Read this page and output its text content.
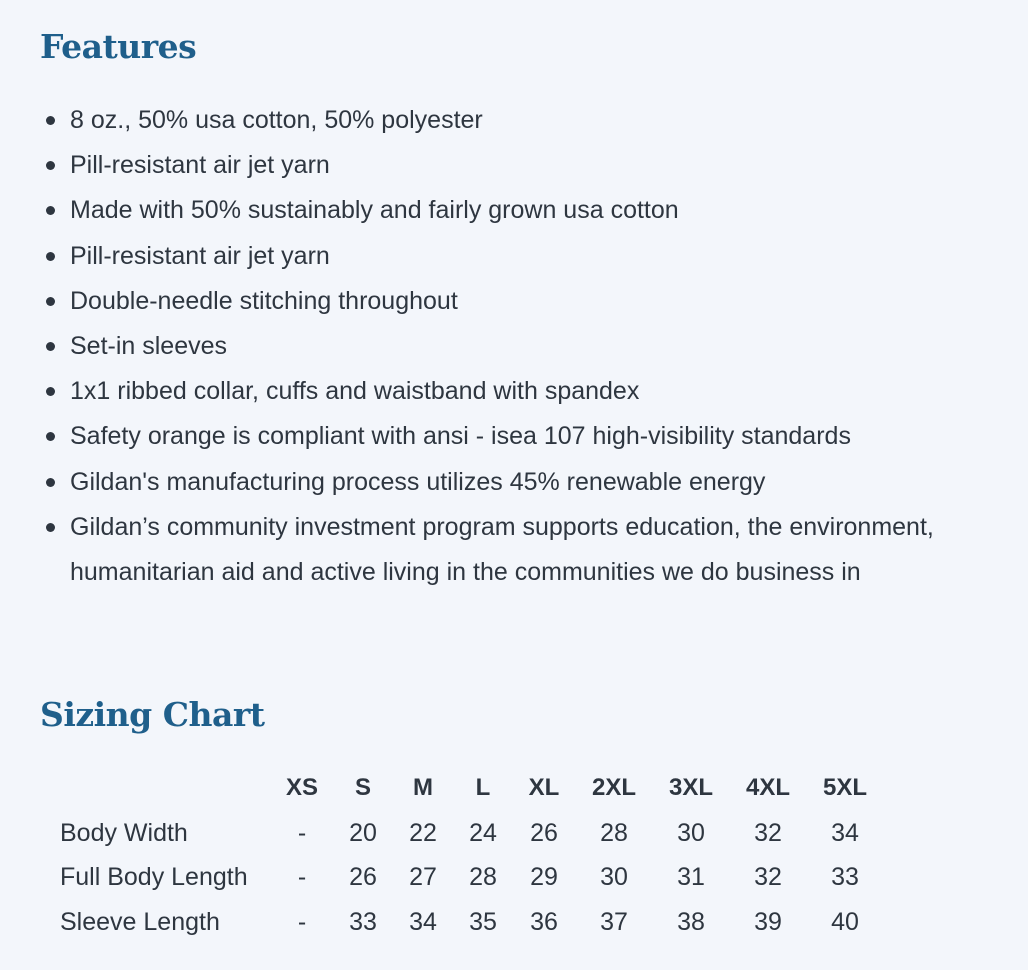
Features
8 oz., 50% usa cotton, 50% polyester
Pill-resistant air jet yarn
Made with 50% sustainably and fairly grown usa cotton
Pill-resistant air jet yarn
Double-needle stitching throughout
Set-in sleeves
1x1 ribbed collar, cuffs and waistband with spandex
Safety orange is compliant with ansi - isea 107 high-visibility standards
Gildan's manufacturing process utilizes 45% renewable energy
Gildan’s community investment program supports education, the environment, humanitarian aid and active living in the communities we do business in
Sizing Chart
	XS	S	M	L	XL	2XL	3XL	4XL	5XL
Body Width	-	20	22	24	26	28	30	32	34
Full Body Length	-	26	27	28	29	30	31	32	33
Sleeve Length	-	33	34	35	36	37	38	39	40
